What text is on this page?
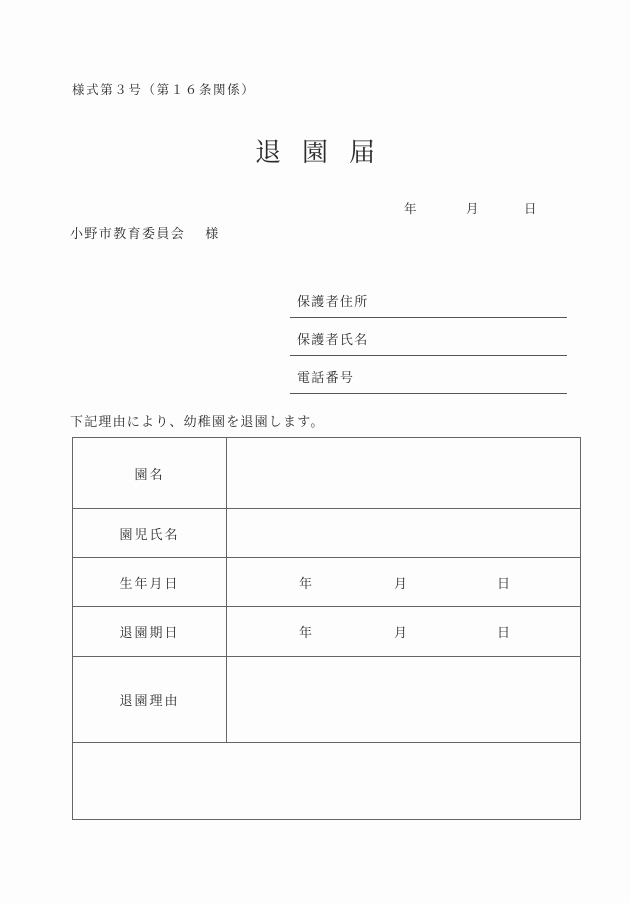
様式第３号（第１６条関係）
退園届
年	月	日
小野市教育委員会 様
保護者住所
保護者氏名
電話番号
下記理由により、幼稚園を退園します。
園名	
園児氏名	
生年月日	年 月 日

退園期日	年 月 日

退園理由	
